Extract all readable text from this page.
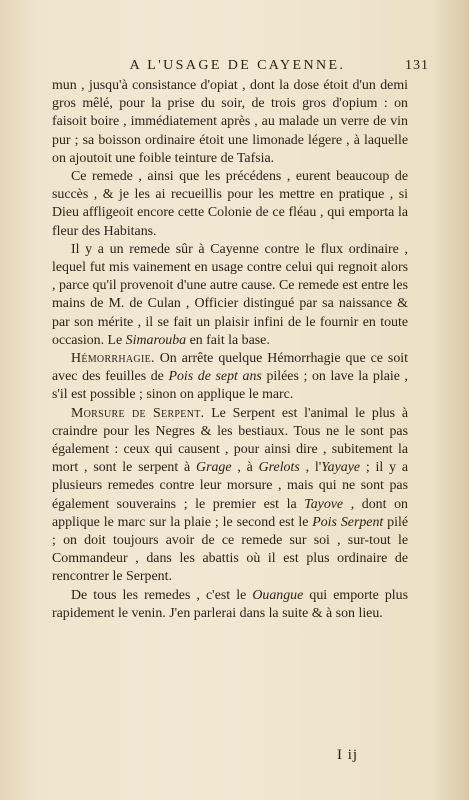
A L'USAGE DE CAYENNE.	131

mun , jusqu'à consistance d'opiat , dont la dose étoit d'un demi gros mêlé, pour la prise du soir, de trois gros d'opium : on faisoit boire , immédiatement après , au malade un verre de vin pur ; sa boisson ordinaire étoit une limonade légere , à laquelle on ajoutoit une foible teinture de Tafsia.

Ce remede , ainsi que les précédens , eurent beaucoup de succès , & je les ai recueillis pour les mettre en pratique , si Dieu affligeoit encore cette Colonie de ce fléau , qui emporta la fleur des Habitans.

Il y a un remede sûr à Cayenne contre le flux ordinaire , lequel fut mis vainement en usage contre celui qui regnoit alors , parce qu'il provenoit d'une autre cause. Ce remede est entre les mains de M. de Culan , Officier distingué par sa naissance & par son mérite , il se fait un plaisir infini de le fournir en toute occasion. Le Simarouba en fait la base.

Hémorrhagie. On arrête quelque Hémorrhagie que ce soit avec des feuilles de Pois de sept ans pilées ; on lave la plaie , s'il est possible ; sinon on applique le marc.

Morsure de Serpent. Le Serpent est l'animal le plus à craindre pour les Negres & les bestiaux. Tous ne le sont pas également : ceux qui causent , pour ainsi dire , subitement la mort , sont le serpent à Grage , à Grelots , l'Yayaye ; il y a plusieurs remedes contre leur morsure , mais qui ne sont pas également souverains ; le premier est la Tayove , dont on applique le marc sur la plaie ; le second est le Pois Serpent pilé ; on doit toujours avoir de ce remede sur soi , sur-tout le Commandeur , dans les abattis où il est plus ordinaire de rencontrer le Serpent.

De tous les remedes , c'est le Ouangue qui emporte plus rapidement le venin. J'en parlerai dans la suite & à son lieu.

I ij
